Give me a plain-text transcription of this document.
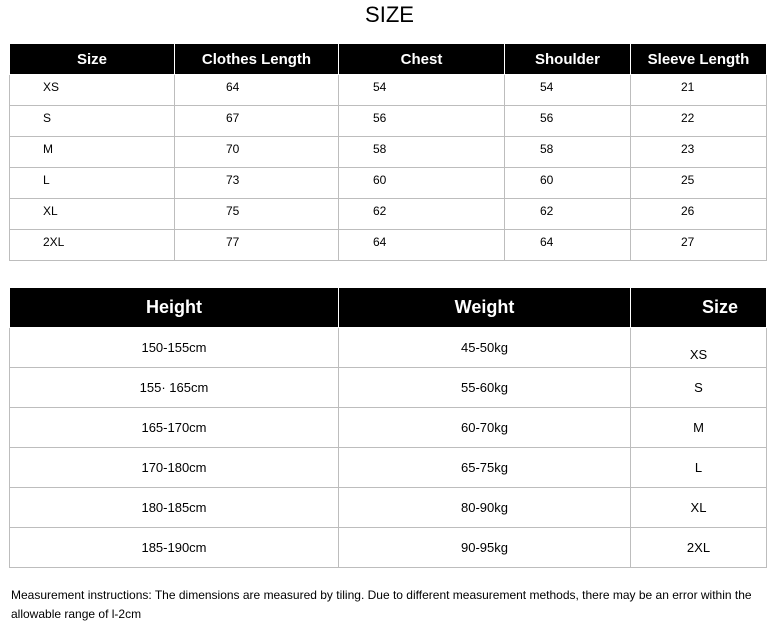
SIZE
Size	Clothes Length	Chest	Shoulder	Sleeve Length
XS	64	54	54	21
S	67	56	56	22
M	70	58	58	23
L	73	60	60	25
XL	75	62	62	26
2XL	77	64	64	27
Height	Weight	Size
150-155cm	45-50kg	XS
155· 165cm	55-60kg	S
165-170cm	60-70kg	M
170-180cm	65-75kg	L
180-185cm	80-90kg	XL
185-190cm	90-95kg	2XL
Measurement instructions: The dimensions are measured by tiling. Due to different measurement methods, there may be an error within the allowable range of l-2cm
